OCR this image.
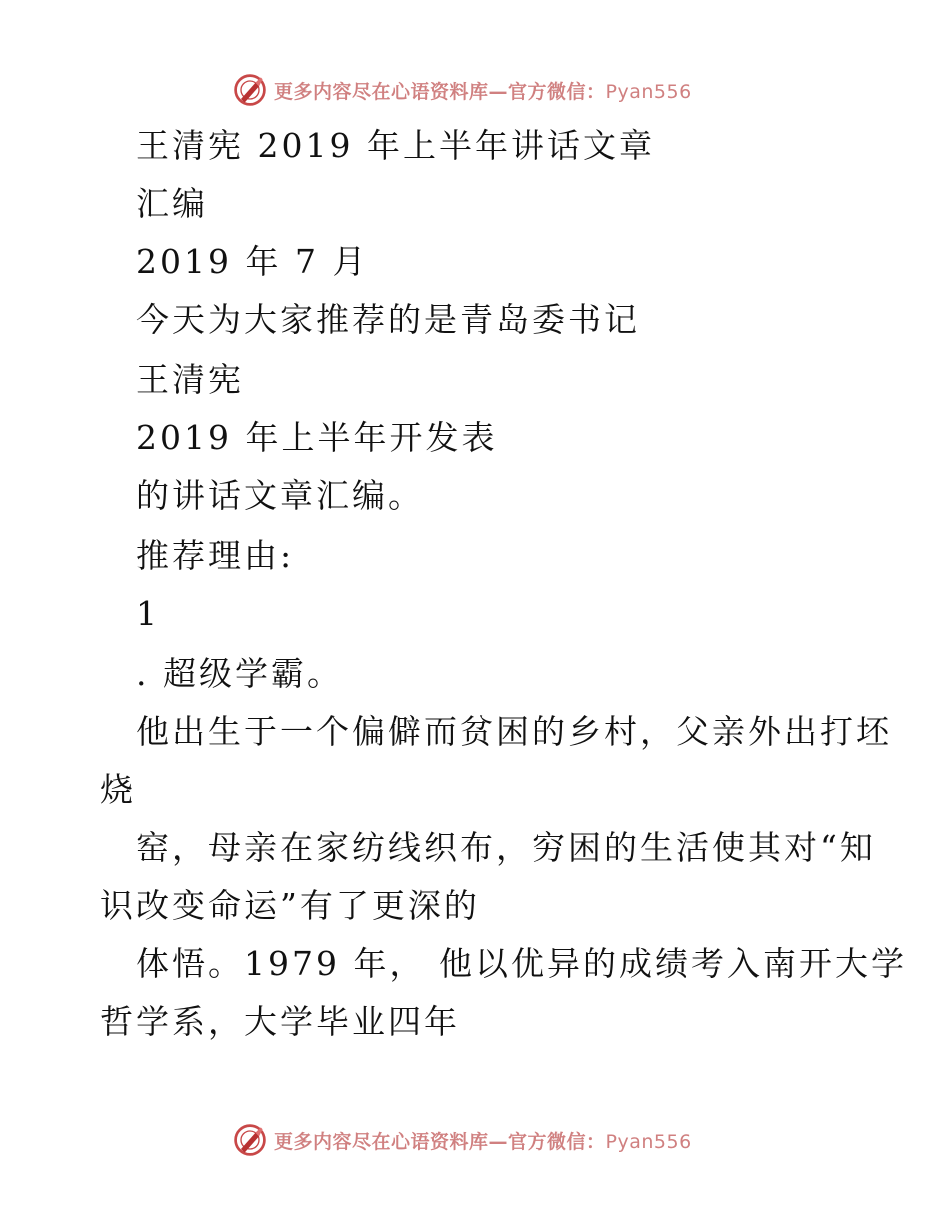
更多内容尽在心语资料库—官方微信：Pyan556
王清宪 2019 年上半年讲话文章
汇编
2019 年 7 月
今天为大家推荐的是青岛委书记
王清宪
2019 年上半年开发表
的讲话文章汇编。
推荐理由:
1
. 超级学霸。
他出生于一个偏僻而贫困的乡村，父亲外出打坯
烧
窑，母亲在家纺线织布，穷困的生活使其对“知
识改变命运”有了更深的
体悟。1979 年， 他以优异的成绩考入南开大学
哲学系，大学毕业四年
更多内容尽在心语资料库—官方微信：Pyan556
